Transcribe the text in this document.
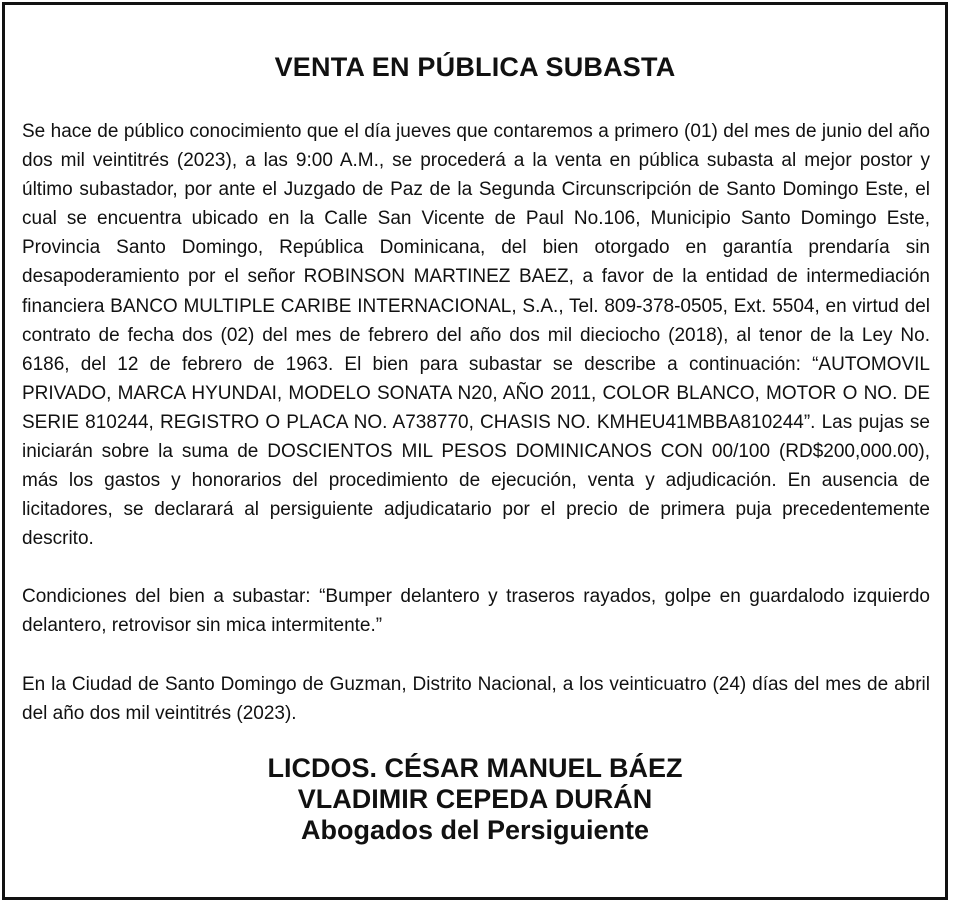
VENTA EN PÚBLICA SUBASTA

Se hace de público conocimiento que el día jueves que contaremos a primero (01) del mes de junio del año dos mil veintitrés (2023), a las 9:00 A.M., se procederá a la venta en pública subasta al mejor postor y último subastador, por ante el Juzgado de Paz de la Segunda Circunscripción de Santo Domingo Este, el cual se encuentra ubicado en la Calle San Vicente de Paul No.106, Municipio Santo Domingo Este, Provincia Santo Domingo, República Dominicana, del bien otorgado en garantía prendaría sin desapoderamiento por el señor ROBINSON MARTINEZ BAEZ, a favor de la entidad de intermediación financiera BANCO MULTIPLE CARIBE INTERNACIONAL, S.A., Tel. 809-378-0505, Ext. 5504, en virtud del contrato de fecha dos (02) del mes de febrero del año dos mil dieciocho (2018), al tenor de la Ley No. 6186, del 12 de febrero de 1963. El bien para subastar se describe a continuación: “AUTOMOVIL PRIVADO, MARCA HYUNDAI, MODELO SONATA N20, AÑO 2011, COLOR BLANCO, MOTOR O NO. DE SERIE 810244, REGISTRO O PLACA NO. A738770, CHASIS NO. KMHEU41MBBA810244”. Las pujas se iniciarán sobre la suma de DOSCIENTOS MIL PESOS DOMINICANOS CON 00/100 (RD$200,000.00), más los gastos y honorarios del procedimiento de ejecución, venta y adjudicación. En ausencia de licitadores, se declarará al persiguiente adjudicatario por el precio de primera puja precedentemente descrito.

Condiciones del bien a subastar: “Bumper delantero y traseros rayados, golpe en guardalodo izquierdo delantero, retrovisor sin mica intermitente.”

En la Ciudad de Santo Domingo de Guzman, Distrito Nacional, a los veinticuatro (24) días del mes de abril del año dos mil veintitrés (2023).

LICDOS. CÉSAR MANUEL BÁEZ
VLADIMIR CEPEDA DURÁN
Abogados del Persiguiente
